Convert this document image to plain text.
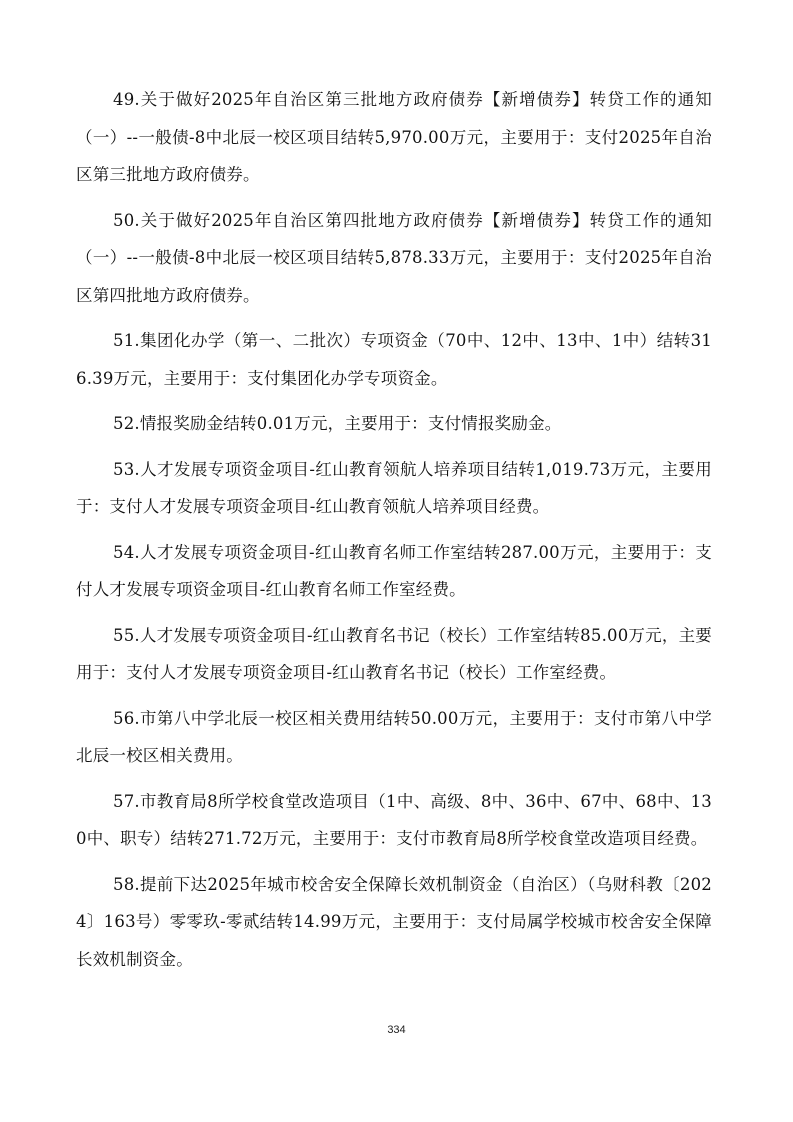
49.关于做好2025年自治区第三批地方政府债券【新增债券】转贷工作的通知（一）--一般债-8中北辰一校区项目结转5,970.00万元，主要用于：支付2025年自治区第三批地方政府债券。

50.关于做好2025年自治区第四批地方政府债券【新增债券】转贷工作的通知（一）--一般债-8中北辰一校区项目结转5,878.33万元，主要用于：支付2025年自治区第四批地方政府债券。

51.集团化办学（第一、二批次）专项资金（70中、12中、13中、1中）结转316.39万元，主要用于：支付集团化办学专项资金。

52.情报奖励金结转0.01万元，主要用于：支付情报奖励金。

53.人才发展专项资金项目-红山教育领航人培养项目结转1,019.73万元，主要用于：支付人才发展专项资金项目-红山教育领航人培养项目经费。

54.人才发展专项资金项目-红山教育名师工作室结转287.00万元，主要用于：支付人才发展专项资金项目-红山教育名师工作室经费。

55.人才发展专项资金项目-红山教育名书记（校长）工作室结转85.00万元，主要用于：支付人才发展专项资金项目-红山教育名书记（校长）工作室经费。

56.市第八中学北辰一校区相关费用结转50.00万元，主要用于：支付市第八中学北辰一校区相关费用。

57.市教育局8所学校食堂改造项目（1中、高级、8中、36中、67中、68中、130中、职专）结转271.72万元，主要用于：支付市教育局8所学校食堂改造项目经费。

58.提前下达2025年城市校舍安全保障长效机制资金（自治区）（乌财科教〔2024〕163号）零零玖-零贰结转14.99万元，主要用于：支付局属学校城市校舍安全保障长效机制资金。

334
